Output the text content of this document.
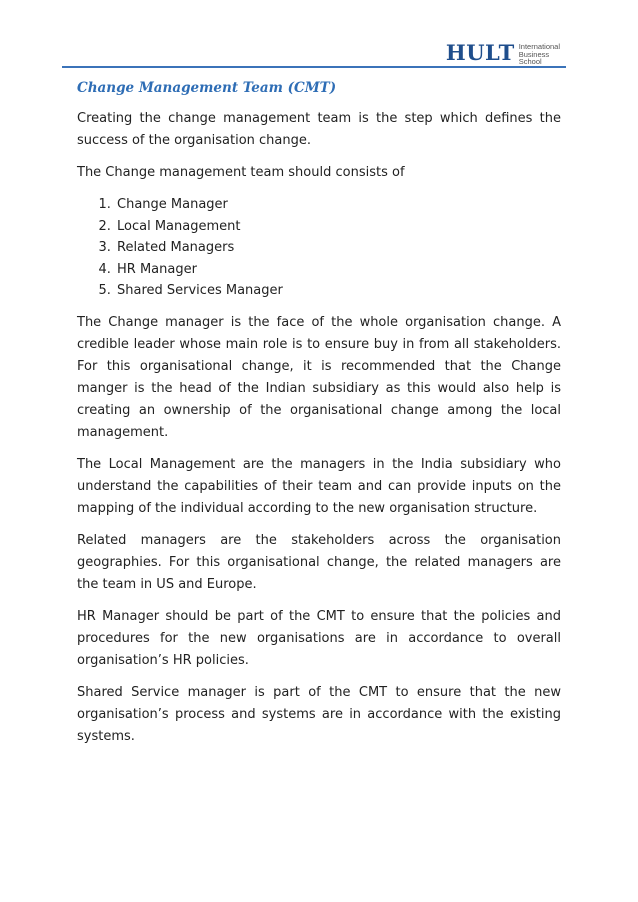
HULT International
Business
School
Change Management Team (CMT)

Creating the change management team is the step which defines the success of the organisation change.

The Change management team should consists of

1. Change Manager
2. Local Management
3. Related Managers
4. HR Manager
5. Shared Services Manager

The Change manager is the face of the whole organisation change. A credible leader whose main role is to ensure buy in from all stakeholders. For this organisational change, it is recommended that the Change manger is the head of the Indian subsidiary as this would also help is creating an ownership of the organisational change among the local management.

The Local Management are the managers in the India subsidiary who understand the capabilities of their team and can provide inputs on the mapping of the individual according to the new organisation structure.

Related managers are the stakeholders across the organisation geographies. For this organisational change, the related managers are the team in US and Europe.

HR Manager should be part of the CMT to ensure that the policies and procedures for the new organisations are in accordance to overall organisation’s HR policies.

Shared Service manager is part of the CMT to ensure that the new organisation’s process and systems are in accordance with the existing systems.
